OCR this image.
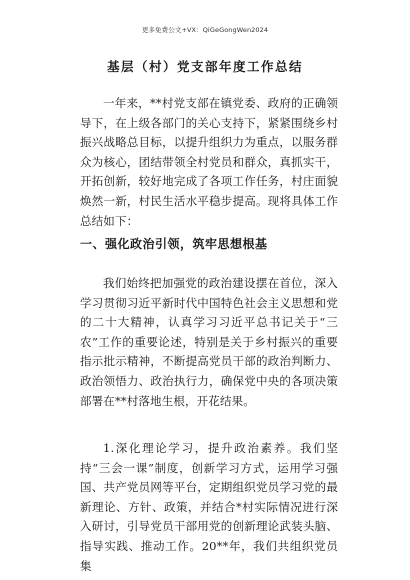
更多免费公文+VX：QiGeGongWen2024
基层（村）党支部年度工作总结

一年来，**村党支部在镇党委、政府的正确领导下，在上级各部门的关心支持下，紧紧围绕乡村振兴战略总目标，以提升组织力为重点，以服务群众为核心，团结带领全村党员和群众，真抓实干，开拓创新，较好地完成了各项工作任务，村庄面貌焕然一新，村民生活水平稳步提高。现将具体工作总结如下：

一、强化政治引领，筑牢思想根基

我们始终把加强党的政治建设摆在首位，深入学习贯彻习近平新时代中国特色社会主义思想和党的二十大精神，认真学习习近平总书记关于“三农”工作的重要论述，特别是关于乡村振兴的重要指示批示精神，不断提高党员干部的政治判断力、政治领悟力、政治执行力，确保党中央的各项决策部署在**村落地生根，开花结果。

1.深化理论学习，提升政治素养。我们坚持“三会一课”制度，创新学习方式，运用学习强国、共产党员网等平台，定期组织党员学习党的最新理论、方针、政策，并结合*村实际情况进行深入研讨，引导党员干部用党的创新理论武装头脑、指导实践、推动工作。20**年，我们共组织党员集
